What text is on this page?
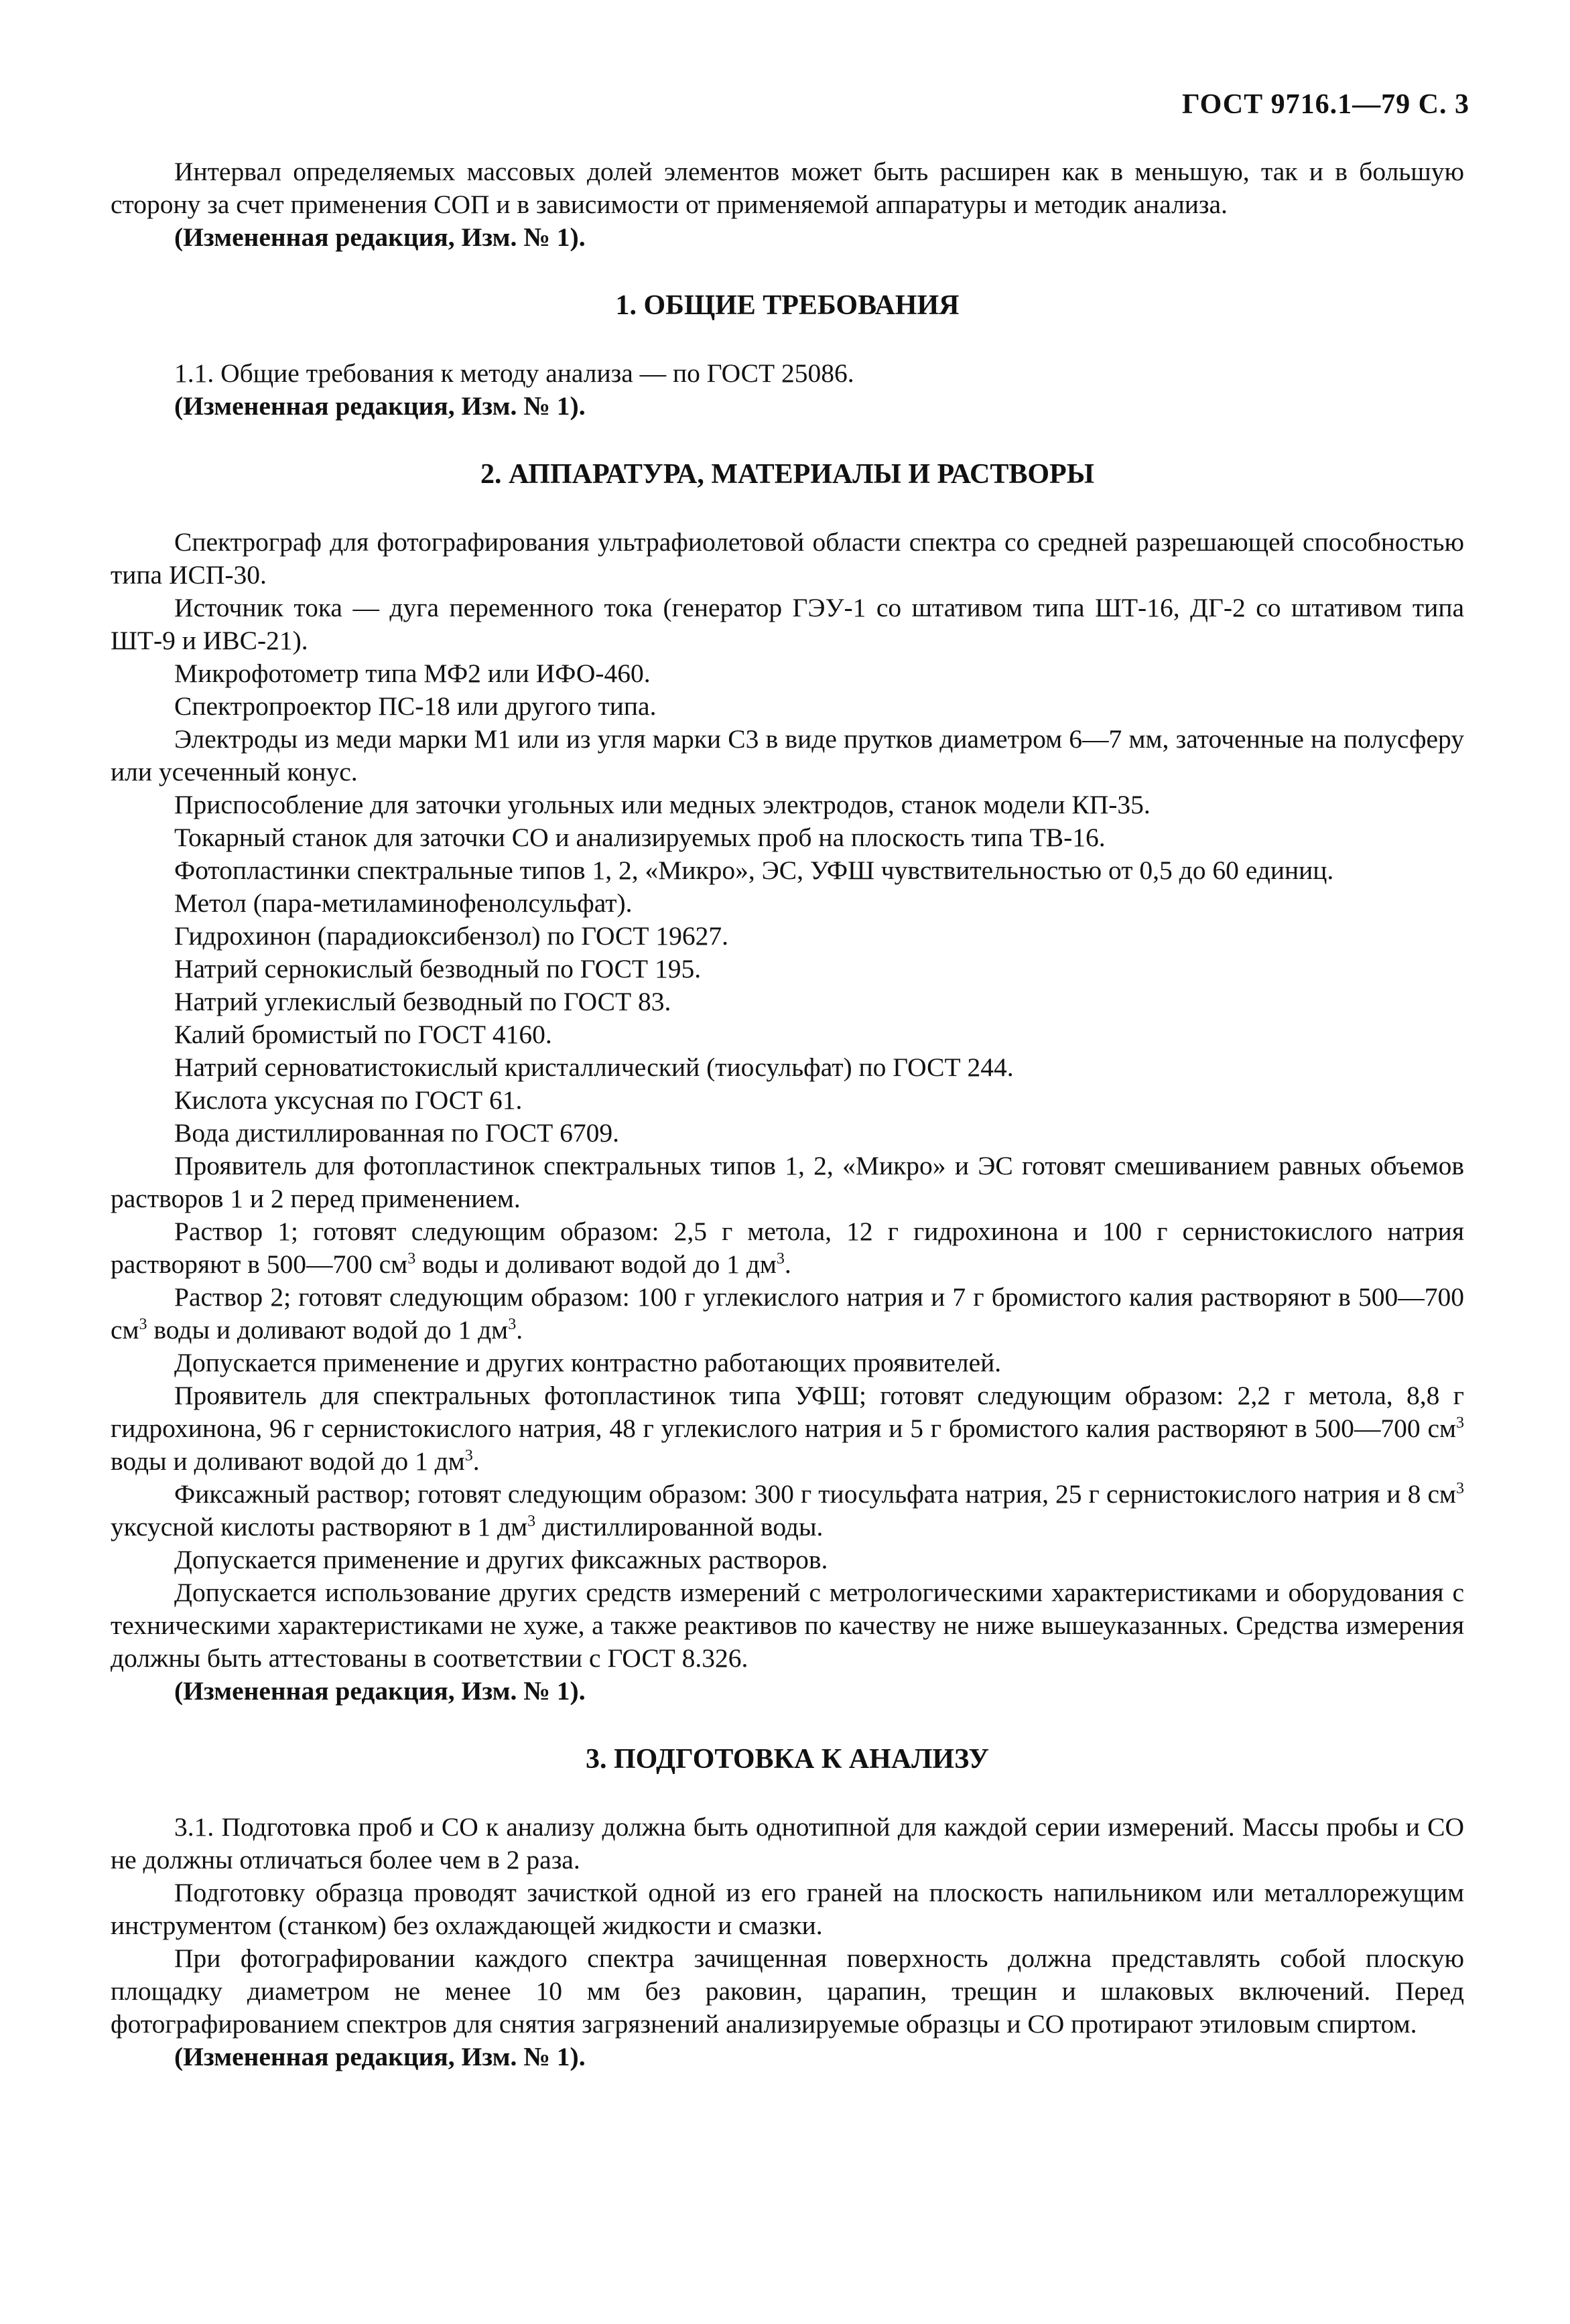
ГОСТ 9716.1—79 С. 3

Интервал определяемых массовых долей элементов может быть расширен как в меньшую, так и в большую сторону за счет применения СОП и в зависимости от применяемой аппаратуры и методик анализа.

(Измененная редакция, Изм. № 1).

1. ОБЩИЕ ТРЕБОВАНИЯ

1.1. Общие требования к методу анализа — по ГОСТ 25086.

(Измененная редакция, Изм. № 1).

2. АППАРАТУРА, МАТЕРИАЛЫ И РАСТВОРЫ

Спектрограф для фотографирования ультрафиолетовой области спектра со средней разрешающей способностью типа ИСП-30.

Источник тока — дуга переменного тока (генератор ГЭУ-1 со штативом типа ШТ-16, ДГ-2 со штативом типа ШТ-9 и ИВС-21).

Микрофотометр типа МФ2 или ИФО-460.

Спектропроектор ПС-18 или другого типа.

Электроды из меди марки М1 или из угля марки С3 в виде прутков диаметром 6—7 мм, заточенные на полусферу или усеченный конус.

Приспособление для заточки угольных или медных электродов, станок модели КП-35.

Токарный станок для заточки СО и анализируемых проб на плоскость типа ТВ-16.

Фотопластинки спектральные типов 1, 2, «Микро», ЭС, УФШ чувствительностью от 0,5 до 60 единиц.

Метол (пара-метиламинофенолсульфат).

Гидрохинон (парадиоксибензол) по ГОСТ 19627.

Натрий сернокислый безводный по ГОСТ 195.

Натрий углекислый безводный по ГОСТ 83.

Калий бромистый по ГОСТ 4160.

Натрий серноватистокислый кристаллический (тиосульфат) по ГОСТ 244.

Кислота уксусная по ГОСТ 61.

Вода дистиллированная по ГОСТ 6709.

Проявитель для фотопластинок спектральных типов 1, 2, «Микро» и ЭС готовят смешиванием равных объемов растворов 1 и 2 перед применением.

Раствор 1; готовят следующим образом: 2,5 г метола, 12 г гидрохинона и 100 г сернистокислого натрия растворяют в 500—700 $см^3$ воды и доливают водой до 1 $дм^3$.

Раствор 2; готовят следующим образом: 100 г углекислого натрия и 7 г бромистого калия растворяют в 500—700 $см^3$ воды и доливают водой до 1 $дм^3$.

Допускается применение и других контрастно работающих проявителей.

Проявитель для спектральных фотопластинок типа УФШ; готовят следующим образом: 2,2 г метола, 8,8 г гидрохинона, 96 г сернистокислого натрия, 48 г углекислого натрия и 5 г бромистого калия растворяют в 500—700 $см^3$ воды и доливают водой до 1 $дм^3$.

Фиксажный раствор; готовят следующим образом: 300 г тиосульфата натрия, 25 г сернистокислого натрия и 8 $см^3$ уксусной кислоты растворяют в 1 $дм^3$ дистиллированной воды.

Допускается применение и других фиксажных растворов.

Допускается использование других средств измерений с метрологическими характеристиками и оборудования с техническими характеристиками не хуже, а также реактивов по качеству не ниже вышеуказанных. Средства измерения должны быть аттестованы в соответствии с ГОСТ 8.326.

(Измененная редакция, Изм. № 1).

3. ПОДГОТОВКА К АНАЛИЗУ

3.1. Подготовка проб и СО к анализу должна быть однотипной для каждой серии измерений. Массы пробы и СО не должны отличаться более чем в 2 раза.

Подготовку образца проводят зачисткой одной из его граней на плоскость напильником или металлорежущим инструментом (станком) без охлаждающей жидкости и смазки.

При фотографировании каждого спектра зачищенная поверхность должна представлять собой плоскую площадку диаметром не менее 10 мм без раковин, царапин, трещин и шлаковых включений. Перед фотографированием спектров для снятия загрязнений анализируемые образцы и СО протирают этиловым спиртом.

(Измененная редакция, Изм. № 1).
